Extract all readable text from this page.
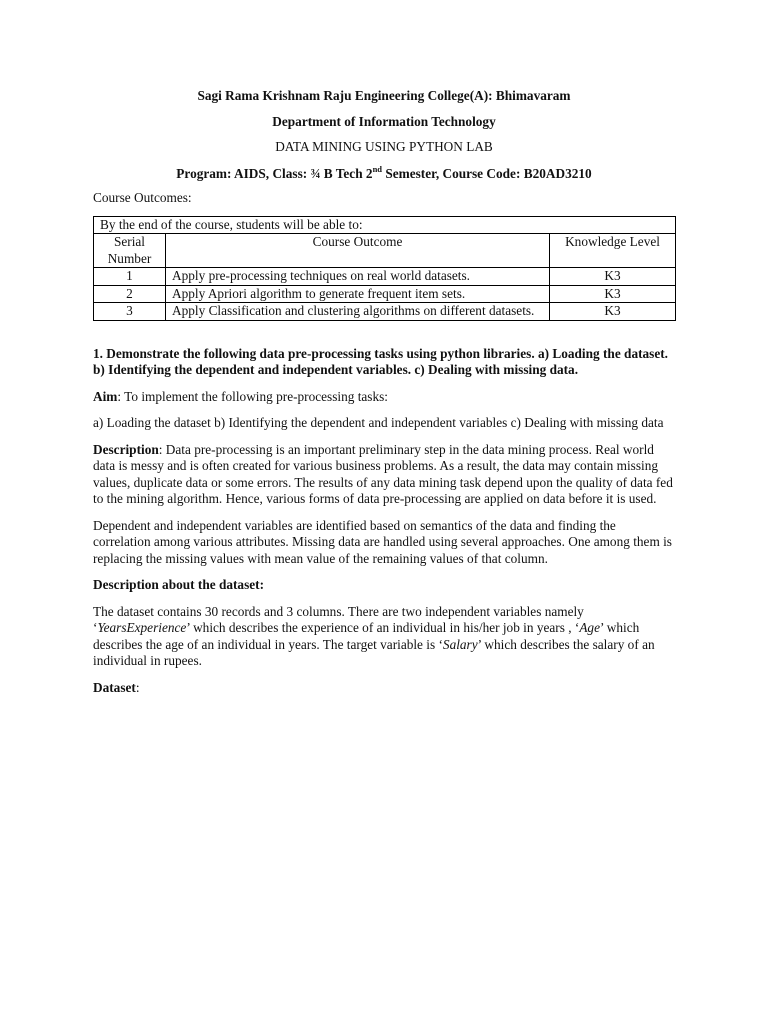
Sagi Rama Krishnam Raju Engineering College(A): Bhimavaram
Department of Information Technology
DATA MINING USING PYTHON LAB
Program: AIDS, Class: ¾ B Tech 2nd Semester, Course Code: B20AD3210
Course Outcomes:
By the end of the course, students will be able to:		
Serial Number	Course Outcome	Knowledge Level
1	Apply pre-processing techniques on real world datasets.	K3
2	Apply Apriori algorithm to generate frequent item sets.	K3
3	Apply Classification and clustering algorithms on different datasets.	K3
1. Demonstrate the following data pre-processing tasks using python libraries. a) Loading the dataset. b) Identifying the dependent and independent variables. c) Dealing with missing data.

Aim: To implement the following pre-processing tasks:

a) Loading the dataset b) Identifying the dependent and independent variables c) Dealing with missing data

Description: Data pre-processing is an important preliminary step in the data mining process. Real world data is messy and is often created for various business problems. As a result, the data may contain missing values, duplicate data or some errors. The results of any data mining task depend upon the quality of data fed to the mining algorithm. Hence, various forms of data pre-processing are applied on data before it is used.

Dependent and independent variables are identified based on semantics of the data and finding the correlation among various attributes. Missing data are handled using several approaches. One among them is replacing the missing values with mean value of the remaining values of that column.

Description about the dataset:

The dataset contains 30 records and 3 columns. There are two independent variables namely ‘YearsExperience’ which describes the experience of an individual in his/her job in years , ‘Age’ which describes the age of an individual in years. The target variable is ‘Salary’ which describes the salary of an individual in rupees.

Dataset:
